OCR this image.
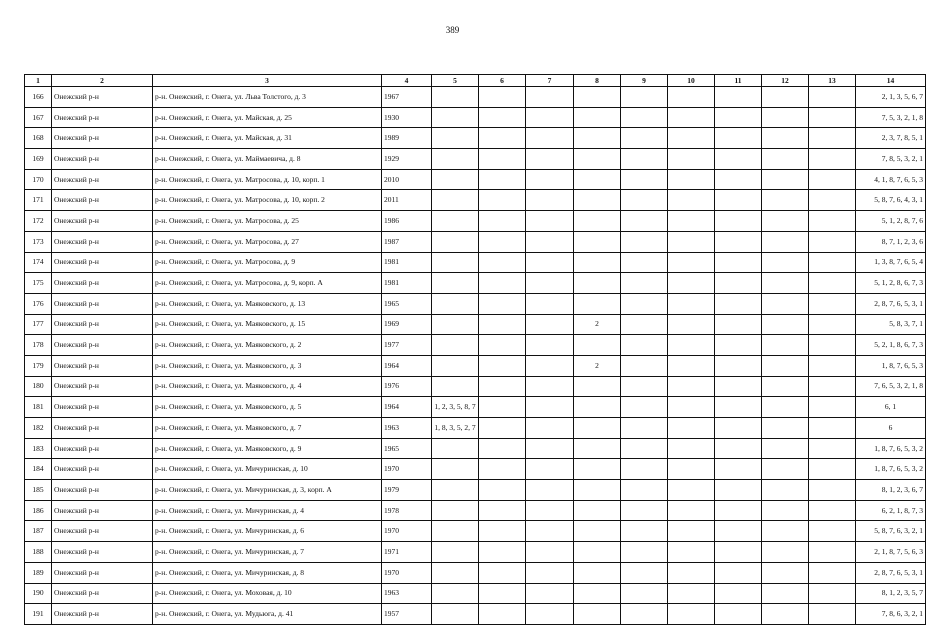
389
1	2	3	4	5	6	7	8	9	10	11	12	13	14
166	Онежский р-н	р-н. Онежский, г. Онега, ул. Льва Толстого, д. 3	1967										2, 1, 3, 5, 6, 7
167	Онежский р-н	р-н. Онежский, г. Онега, ул. Майская, д. 25	1930										7, 5, 3, 2, 1, 8
168	Онежский р-н	р-н. Онежский, г. Онега, ул. Майская, д. 31	1989										2, 3, 7, 8, 5, 1
169	Онежский р-н	р-н. Онежский, г. Онега, ул. Маймаевича, д. 8	1929										7, 8, 5, 3, 2, 1
170	Онежский р-н	р-н. Онежский, г. Онега, ул. Матросова, д. 10, корп. 1	2010										4, 1, 8, 7, 6, 5, 3
171	Онежский р-н	р-н. Онежский, г. Онега, ул. Матросова, д. 10, корп. 2	2011										5, 8, 7, 6, 4, 3, 1
172	Онежский р-н	р-н. Онежский, г. Онега, ул. Матросова, д. 25	1986										5, 1, 2, 8, 7, 6
173	Онежский р-н	р-н. Онежский, г. Онега, ул. Матросова, д. 27	1987										8, 7, 1, 2, 3, 6
174	Онежский р-н	р-н. Онежский, г. Онега, ул. Матросова, д. 9	1981										1, 3, 8, 7, 6, 5, 4
175	Онежский р-н	р-н. Онежский, г. Онега, ул. Матросова, д. 9, корп. А	1981										5, 1, 2, 8, 6, 7, 3
176	Онежский р-н	р-н. Онежский, г. Онега, ул. Маяковского, д. 13	1965										2, 8, 7, 6, 5, 3, 1
177	Онежский р-н	р-н. Онежский, г. Онега, ул. Маяковского, д. 15	1969				2						5, 8, 3, 7, 1
178	Онежский р-н	р-н. Онежский, г. Онега, ул. Маяковского, д. 2	1977										5, 2, 1, 8, 6, 7, 3
179	Онежский р-н	р-н. Онежский, г. Онега, ул. Маяковского, д. 3	1964				2						1, 8, 7, 6, 5, 3
180	Онежский р-н	р-н. Онежский, г. Онега, ул. Маяковского, д. 4	1976										7, 6, 5, 3, 2, 1, 8
181	Онежский р-н	р-н. Онежский, г. Онега, ул. Маяковского, д. 5	1964	1, 2, 3, 5, 8, 7									6, 1
182	Онежский р-н	р-н. Онежский, г. Онега, ул. Маяковского, д. 7	1963	1, 8, 3, 5, 2, 7									6
183	Онежский р-н	р-н. Онежский, г. Онега, ул. Маяковского, д. 9	1965										1, 8, 7, 6, 5, 3, 2
184	Онежский р-н	р-н. Онежский, г. Онега, ул. Мичуринская, д. 10	1970										1, 8, 7, 6, 5, 3, 2
185	Онежский р-н	р-н. Онежский, г. Онега, ул. Мичуринская, д. 3, корп. А	1979										8, 1, 2, 3, 6, 7
186	Онежский р-н	р-н. Онежский, г. Онега, ул. Мичуринская, д. 4	1978										6, 2, 1, 8, 7, 3
187	Онежский р-н	р-н. Онежский, г. Онега, ул. Мичуринская, д. 6	1970										5, 8, 7, 6, 3, 2, 1
188	Онежский р-н	р-н. Онежский, г. Онега, ул. Мичуринская, д. 7	1971										2, 1, 8, 7, 5, 6, 3
189	Онежский р-н	р-н. Онежский, г. Онега, ул. Мичуринская, д. 8	1970										2, 8, 7, 6, 5, 3, 1
190	Онежский р-н	р-н. Онежский, г. Онега, ул. Моховая, д. 10	1963										8, 1, 2, 3, 5, 7
191	Онежский р-н	р-н. Онежский, г. Онега, ул. Мудьюга, д. 41	1957										7, 8, 6, 3, 2, 1
